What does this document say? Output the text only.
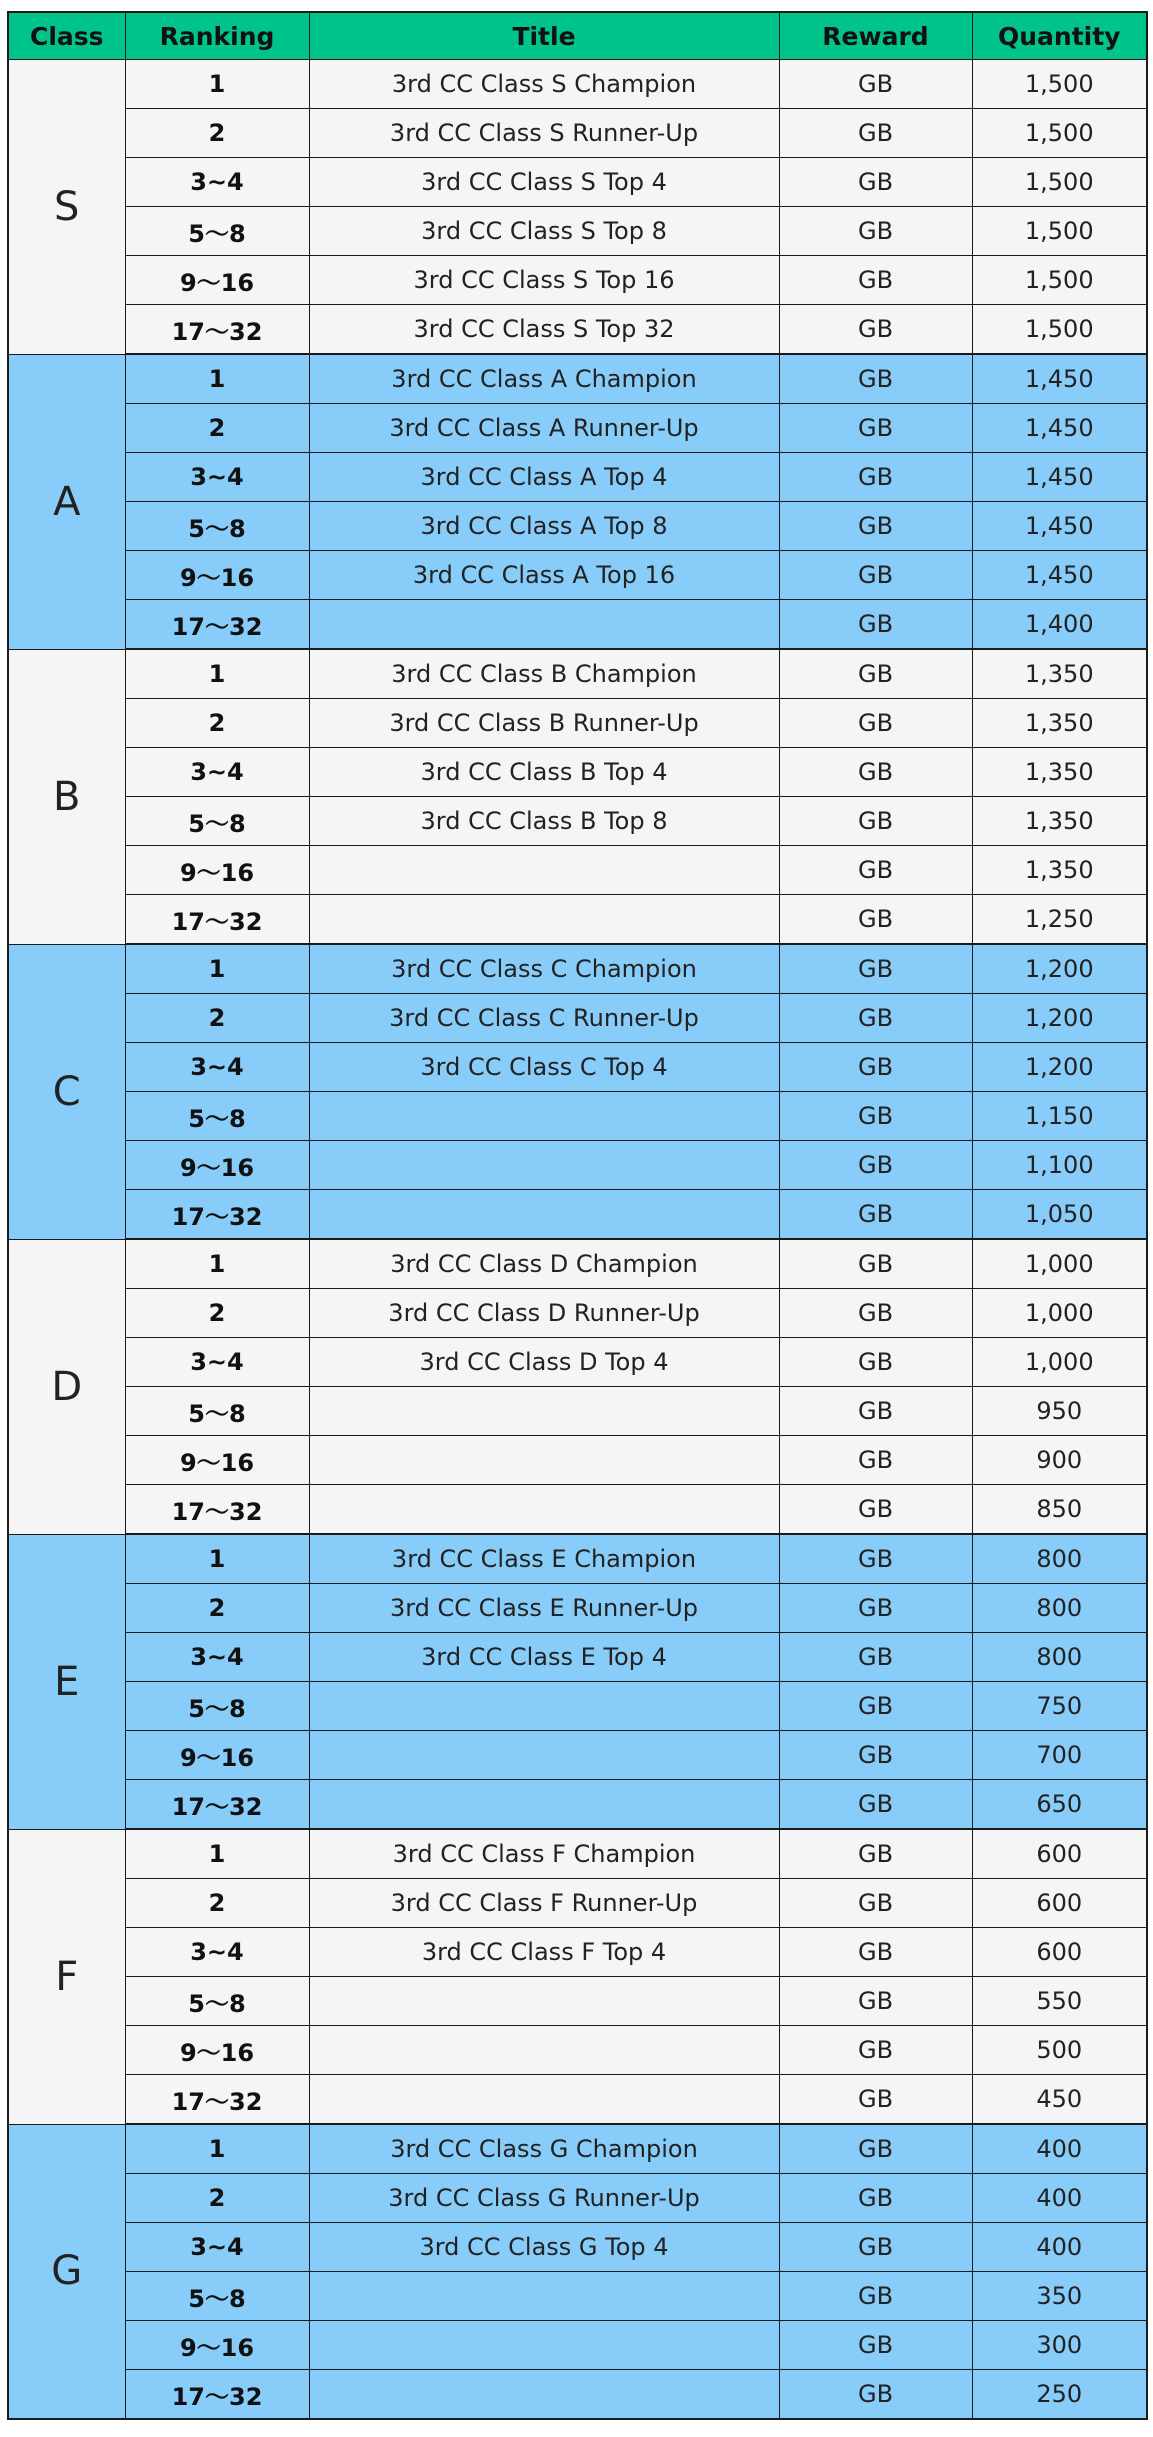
Class	Ranking	Title	Reward	Quantity
S	1	3rd CC Class S Champion	GB	1,500
	2	3rd CC Class S Runner-Up	GB	1,500
	3~4	3rd CC Class S Top 4	GB	1,500
	5〜8	3rd CC Class S Top 8	GB	1,500
	9〜16	3rd CC Class S Top 16	GB	1,500
	17〜32	3rd CC Class S Top 32	GB	1,500
A	1	3rd CC Class A Champion	GB	1,450
	2	3rd CC Class A Runner-Up	GB	1,450
	3~4	3rd CC Class A Top 4	GB	1,450
	5〜8	3rd CC Class A Top 8	GB	1,450
	9〜16	3rd CC Class A Top 16	GB	1,450
	17〜32		GB	1,400
B	1	3rd CC Class B Champion	GB	1,350
	2	3rd CC Class B Runner-Up	GB	1,350
	3~4	3rd CC Class B Top 4	GB	1,350
	5〜8	3rd CC Class B Top 8	GB	1,350
	9〜16		GB	1,350
	17〜32		GB	1,250
C	1	3rd CC Class C Champion	GB	1,200
	2	3rd CC Class C Runner-Up	GB	1,200
	3~4	3rd CC Class C Top 4	GB	1,200
	5〜8		GB	1,150
	9〜16		GB	1,100
	17〜32		GB	1,050
D	1	3rd CC Class D Champion	GB	1,000
	2	3rd CC Class D Runner-Up	GB	1,000
	3~4	3rd CC Class D Top 4	GB	1,000
	5〜8		GB	950
	9〜16		GB	900
	17〜32		GB	850
E	1	3rd CC Class E Champion	GB	800
	2	3rd CC Class E Runner-Up	GB	800
	3~4	3rd CC Class E Top 4	GB	800
	5〜8		GB	750
	9〜16		GB	700
	17〜32		GB	650
F	1	3rd CC Class F Champion	GB	600
	2	3rd CC Class F Runner-Up	GB	600
	3~4	3rd CC Class F Top 4	GB	600
	5〜8		GB	550
	9〜16		GB	500
	17〜32		GB	450
G	1	3rd CC Class G Champion	GB	400
	2	3rd CC Class G Runner-Up	GB	400
	3~4	3rd CC Class G Top 4	GB	400
	5〜8		GB	350
	9〜16		GB	300
	17〜32		GB	250
